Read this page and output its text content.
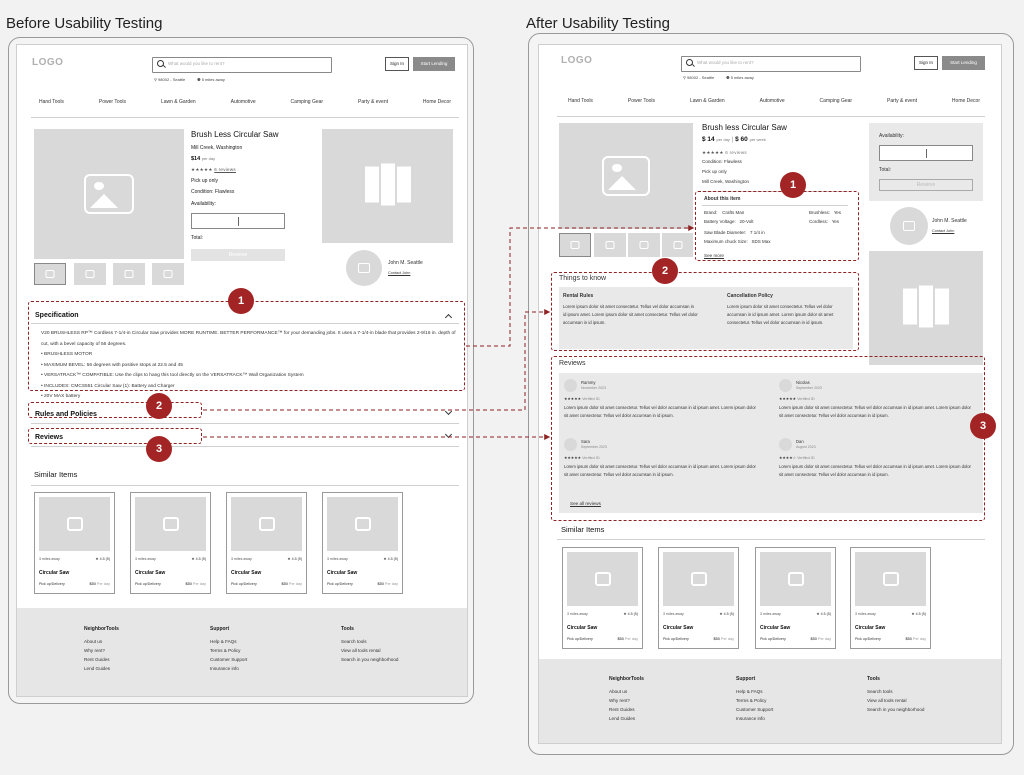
Before Usability Testing	After Usability Testing
LOGO	What would you like to rent?
⚲ 98002 - Seattle	⚉ 5 miles away
Sign In	Start Lending
Hand Tools	Power Tools	Lawn & Garden	Automotive	Camping Gear	Party & event	Home Decor
Brush Less Circular Saw
Mill Creek, Washington
$14 per day
★★★★★ 6 reviews
Pick up only
Condition: Flawless
Availability:
Total:
Reserve
John M. Seattle
Contact John
Specification
V20 BRUSHLESS RP™ Cordless 7-1/4-in Circular Saw provides MORE RUNTIME. BETTER PERFORMANCE™ for your demanding jobs. It uses a 7-1/4-in blade that provides 2-9/16 in. depth of cut, with a bevel capacity of 56 degrees.
• BRUSHLESS MOTOR
• MAXIMUM BEVEL: 56 degrees with positive stops at 22.5 and 45
• VERSATRACK™ COMPATIBLE: Use the clips to hang this tool directly on the VERSATRACK™ Wall Organization System
• INCLUDES: CMCS551 Circular Saw (1): Battery and Charger
• 20V MAX battery
Rules and Policies
Reviews
Similar Items
3 miles away	★ 4.5 (5)
Circular Saw
Pick up/Delivery	$50 Per day
3 miles away	★ 4.5 (5)
Circular Saw
Pick up/Delivery	$50 Per day
3 miles away	★ 4.5 (5)
Circular Saw
Pick up/Delivery	$50 Per day
3 miles away	★ 4.5 (5)
Circular Saw
Pick up/Delivery	$50 Per day
NeighborTools
About us
Why rent?
Rent Guides
Lend Guides
Support
Help & FAQs
Terms & Policy
Customer Support
Insurance info
Tools
Search tools
View all tools rental
Search in you neighborhood
1
2
3
LOGO	What would you like to rent?
⚲ 98002 - Seattle	⚉ 5 miles away
Sign In	Start Lending
Hand Tools	Power Tools	Lawn & Garden	Automotive	Camping Gear	Party & event	Home Decor
Brush less Circular Saw
$ 14 per day | $ 60 per week
★★★★★ 6 reviews
Condition: Flawless
Pick up only
Mill Creek, Washington
About this item
Brand: Crafts Man	Brushless: Yes
Battery Voltage: 20-Volt	Cordless: Yes
Saw Blade Diameter: 7 1/4 in
Maximum chuck Size: SDS Max
See more
Availability:
Total:
Reserve
John M. Seattle
Contact John
Things to know
Rental Rules
Lorem ipsum dolor sit amet consectetur. Tellus vel dolor accumsan in id ipsum amet. Lorem ipsum dolor sit amet consectetur. Tellus vel dolor accumsan in id ipsum.
Cancellation Policy
Lorem ipsum dolor sit amet consectetur. Tellus vel dolor accumsan in id ipsum amet. Lorem ipsum dolor sit amet consectetur. Tellus vel dolor accumsan in id ipsum.
Reviews
Rammy
November 2023
★★★★★ Verified ID
Lorem ipsum dolor sit amet consectetur. Tellus vel dolor accumsan in id ipsum amet. Lorem ipsum dolor sit amet consectetur. Tellus vel dolor accumsan in id ipsum.
Nicolas
September 2023
★★★★★ Verified ID
Lorem ipsum dolor sit amet consectetur. Tellus vel dolor accumsan in id ipsum amet. Lorem ipsum dolor sit amet consectetur. Tellus vel dolor accumsan in id ipsum.
Sara
September 2023
★★★★★ Verified ID
Lorem ipsum dolor sit amet consectetur. Tellus vel dolor accumsan in id ipsum amet. Lorem ipsum dolor sit amet consectetur. Tellus vel dolor accumsan in id ipsum.
Dan
August 2023
★★★★☆ Verified ID
Lorem ipsum dolor sit amet consectetur. Tellus vel dolor accumsan in id ipsum amet. Lorem ipsum dolor sit amet consectetur. Tellus vel dolor accumsan in id ipsum.
See all reviews
Similar Items
3 miles away	★ 4.5 (5)
Circular Saw
Pick up/Delivery	$50 Per day
3 miles away	★ 4.5 (5)
Circular Saw
Pick up/Delivery	$50 Per day
3 miles away	★ 4.5 (5)
Circular Saw
Pick up/Delivery	$50 Per day
3 miles away	★ 4.5 (5)
Circular Saw
Pick up/Delivery	$50 Per day
NeighborTools
About us
Why rent?
Rent Guides
Lend Guides
Support
Help & FAQs
Terms & Policy
Customer Support
Insurance info
Tools
Search tools
View all tools rental
Search in you neighborhood
1
2
3
